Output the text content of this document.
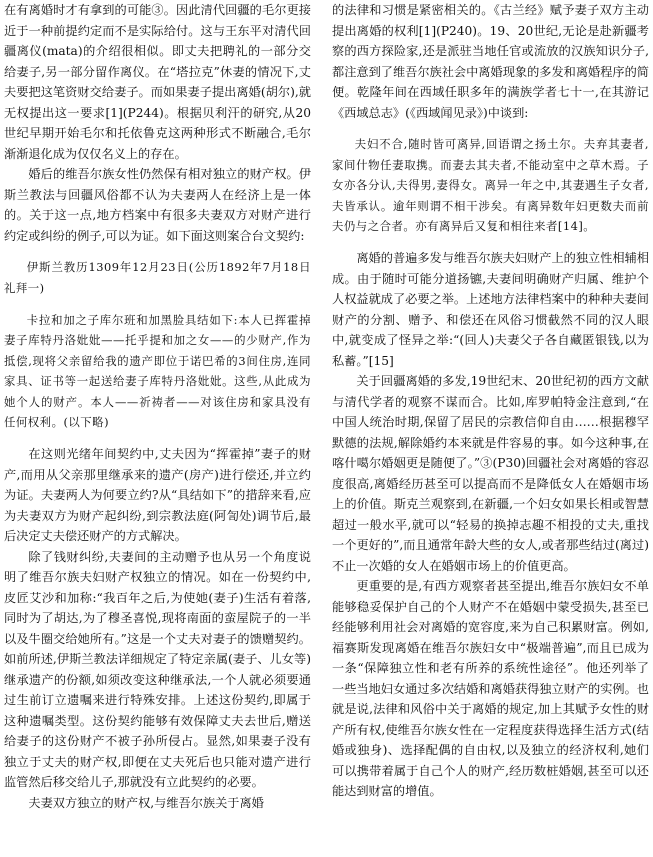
在有离婚时才有拿到的可能③。因此清代回疆的毛尔更接近于一种前提约定而不是实际给付。这与王东平对清代回疆离仪(mata)的介绍很相似。即丈夫把聘礼的一部分交给妻子,另一部分留作离仪。在“塔拉克”休妻的情况下,丈夫要把这笔资财交给妻子。而如果妻子提出离婚(胡尔),就无权提出这一要求[1](P244)。根据贝利汗的研究,从20世纪早期开始毛尔和托依鲁克这两种形式不断融合,毛尔渐渐退化成为仅仅名义上的存在。

婚后的维吾尔族女性仍然保有相对独立的财产权。伊斯兰教法与回疆风俗都不认为夫妻两人在经济上是一体的。关于这一点,地方档案中有很多夫妻双方对财产进行约定或纠纷的例子,可以为证。如下面这则案合台文契约:

伊斯兰教历1309年12月23日(公历1892年7月18日礼拜一)

卡拉和加之子库尔班和加黑脸具结如下:本人已挥霍掉妻子库特丹洛妣妣——托乎提和加之女——的少财产,作为抵偿,现将父亲留给我的遗产即位于诺巴希的3间住房,连同家具、证书等一起送给妻子库特丹洛妣妣。这些,从此成为她个人的财产。本人——祈祷者——对该住房和家具没有任何权利。(以下略)

在这则光绪年间契约中,丈夫因为“挥霍掉”妻子的财产,而用从父亲那里继承来的遗产(房产)进行偿还,并立约为证。夫妻两人为何要立约?从“具结如下”的措辞来看,应为夫妻双方为财产起纠纷,到宗教法庭(阿訇处)调节后,最后决定丈夫偿还财产的方式解决。

除了钱财纠纷,夫妻间的主动赠予也从另一个角度说明了维吾尔族夫妇财产权独立的情况。如在一份契约中,皮匠艾沙和加称:“我百年之后,为使她(妻子)生活有着落,同时为了胡达,为了穆圣喜悦,现将南面的蛮屋院子的一半以及牛圈交给她所有。”这是一个丈夫对妻子的馈赠契约。如前所述,伊斯兰教法详细规定了特定亲属(妻子、儿女等)继承遗产的份额,如须改变这种继承法,一个人就必须要通过生前订立遗嘱来进行特殊安排。上述这份契约,即属于这种遗嘱类型。这份契约能够有效保障丈夫去世后,赠送给妻子的这份财产不被子孙所侵占。显然,如果妻子没有独立于丈夫的财产权,即便在丈夫死后也只能对遗产进行监管然后移交给儿子,那就没有立此契约的必要。

夫妻双方独立的财产权,与维吾尔族关于离婚

的法律和习惯是紧密相关的。《古兰经》赋予妻子双方主动提出离婚的权利[1](P240)。19、20世纪,无论是赴新疆考察的西方探险家,还是派驻当地任官或流放的汉族知识分子,都注意到了维吾尔族社会中离婚现象的多发和离婚程序的简便。乾隆年间在西域任职多年的满族学者七十一,在其游记《西域总志》(《西域闻见录》)中谈到:

夫妇不合,随时皆可离异,回语谓之扬土尔。夫弃其妻者,家间什物任妻取携。而妻去其夫者,不能动室中之草木焉。子女亦各分认,夫得男,妻得女。离异一年之中,其妻遇生子女者,夫皆承认。逾年则谓不相干涉矣。有离异数年妇更数夫而前夫仍与之合者。亦有离异后又复和相往来者[14]。

离婚的普遍多发与维吾尔族夫妇财产上的独立性相辅相成。由于随时可能分道扬镳,夫妻间明确财产归属、维护个人权益就成了必要之举。上述地方法律档案中的种种夫妻间财产的分割、赠予、和偿还在风俗习惯截然不同的汉人眼中,就变成了怪异之举:“(回人)夫妻父子各自藏匿银钱,以为私蓄。”[15]

关于回疆离婚的多发,19世纪末、20世纪初的西方文献与清代学者的观察不谋而合。比如,库罗帕特金注意到,“在中国人统治时期,保留了居民的宗教信仰自由……根据穆罕默德的法规,解除婚约本来就是件容易的事。如今这种事,在喀什噶尔婚姻更是随便了。”③(P30)回疆社会对离婚的容忍度很高,离婚经历甚至可以提高而不是降低女人在婚姻市场上的价值。斯克兰观察到,在新疆,一个妇女如果长相或智慧超过一般水平,就可以“轻易的换掉志趣不相投的丈夫,重找一个更好的”,而且通常年龄大些的女人,或者那些结过(离过)不止一次婚的女人在婚姻市场上的价值更高。

更重要的是,有西方观察者甚至提出,维吾尔族妇女不单能够稳妥保护自己的个人财产不在婚姻中蒙受损失,甚至已经能够利用社会对离婚的宽容度,来为自己积累财富。例如,福赛斯发现离婚在维吾尔族妇女中“极端普遍”,而且已成为一条“保障独立性和老有所养的系统性途径”。他还列举了一些当地妇女通过多次结婚和离婚获得独立财产的实例。也就是说,法律和风俗中关于离婚的规定,加上其赋予女性的财产所有权,使维吾尔族女性在一定程度获得选择生活方式(结婚或独身)、选择配偶的自由权,以及独立的经济权利,她们可以携带着属于自己个人的财产,经历数桩婚姻,甚至可以还能达到财富的增值。
